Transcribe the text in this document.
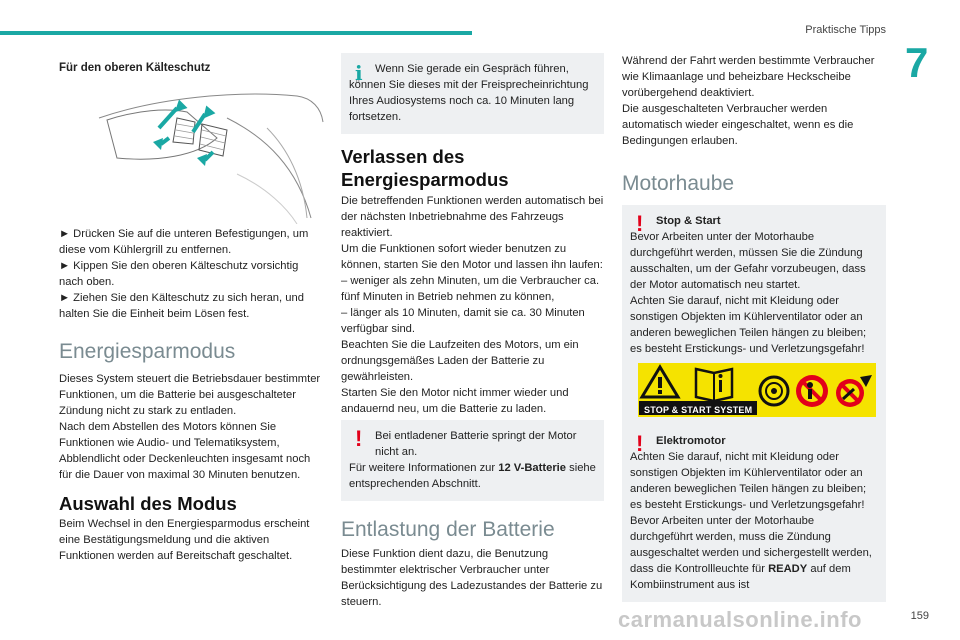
Praktische Tipps
7

Für den oberen Kälteschutz

► Drücken Sie auf die unteren Befestigungen, um diese vom Kühlergrill zu entfernen.

► Kippen Sie den oberen Kälteschutz vorsichtig nach oben.

► Ziehen Sie den Kälteschutz zu sich heran, und halten Sie die Einheit beim Lösen fest.

Energiesparmodus

Dieses System steuert die Betriebsdauer bestimmter Funktionen, um die Batterie bei ausgeschalteter Zündung nicht zu stark zu entladen.

Nach dem Abstellen des Motors können Sie Funktionen wie Audio- und Telematiksystem, Abblendlicht oder Deckenleuchten insgesamt noch für die Dauer von maximal 30 Minuten benutzen.

Auswahl des Modus

Beim Wechsel in den Energiesparmodus erscheint eine Bestätigungsmeldung und die aktiven Funktionen werden auf Bereitschaft geschaltet.

i	Wenn Sie gerade ein Gespräch führen, können Sie dieses mit der Freisprecheinrichtung Ihres Audiosystems noch ca. 10 Minuten lang fortsetzen.

Verlassen des Energiesparmodus

Die betreffenden Funktionen werden automatisch bei der nächsten Inbetriebnahme des Fahrzeugs reaktiviert.

Um die Funktionen sofort wieder benutzen zu können, starten Sie den Motor und lassen ihn laufen:

– weniger als zehn Minuten, um die Verbraucher ca. fünf Minuten in Betrieb nehmen zu können,

– länger als 10 Minuten, damit sie ca. 30 Minuten verfügbar sind.

Beachten Sie die Laufzeiten des Motors, um ein ordnungsgemäßes Laden der Batterie zu gewährleisten.

Starten Sie den Motor nicht immer wieder und andauernd neu, um die Batterie zu laden.

!	Bei entladener Batterie springt der Motor nicht an.

Für weitere Informationen zur 12 V-Batterie siehe entsprechenden Abschnitt.

Entlastung der Batterie

Diese Funktion dient dazu, die Benutzung bestimmter elektrischer Verbraucher unter Berücksichtigung des Ladezustandes der Batterie zu steuern.

Während der Fahrt werden bestimmte Verbraucher wie Klimaanlage und beheizbare Heckscheibe vorübergehend deaktiviert.

Die ausgeschalteten Verbraucher werden automatisch wieder eingeschaltet, wenn es die Bedingungen erlauben.

Motorhaube

!	Stop & Start

Bevor Arbeiten unter der Motorhaube durchgeführt werden, müssen Sie die Zündung ausschalten, um der Gefahr vorzubeugen, dass der Motor automatisch neu startet.

Achten Sie darauf, nicht mit Kleidung oder sonstigen Objekten im Kühlerventilator oder an anderen beweglichen Teilen hängen zu bleiben; es besteht Erstickungs- und Verletzungsgefahr!

STOP & START SYSTEM
!	Elektromotor

Achten Sie darauf, nicht mit Kleidung oder sonstigen Objekten im Kühlerventilator oder an anderen beweglichen Teilen hängen zu bleiben; es besteht Erstickungs- und Verletzungsgefahr!

Bevor Arbeiten unter der Motorhaube durchgeführt werden, muss die Zündung ausgeschaltet werden und sichergestellt werden, dass die Kontrollleuchte für READY auf dem Kombiinstrument aus ist

carmanualsonline.info	159
